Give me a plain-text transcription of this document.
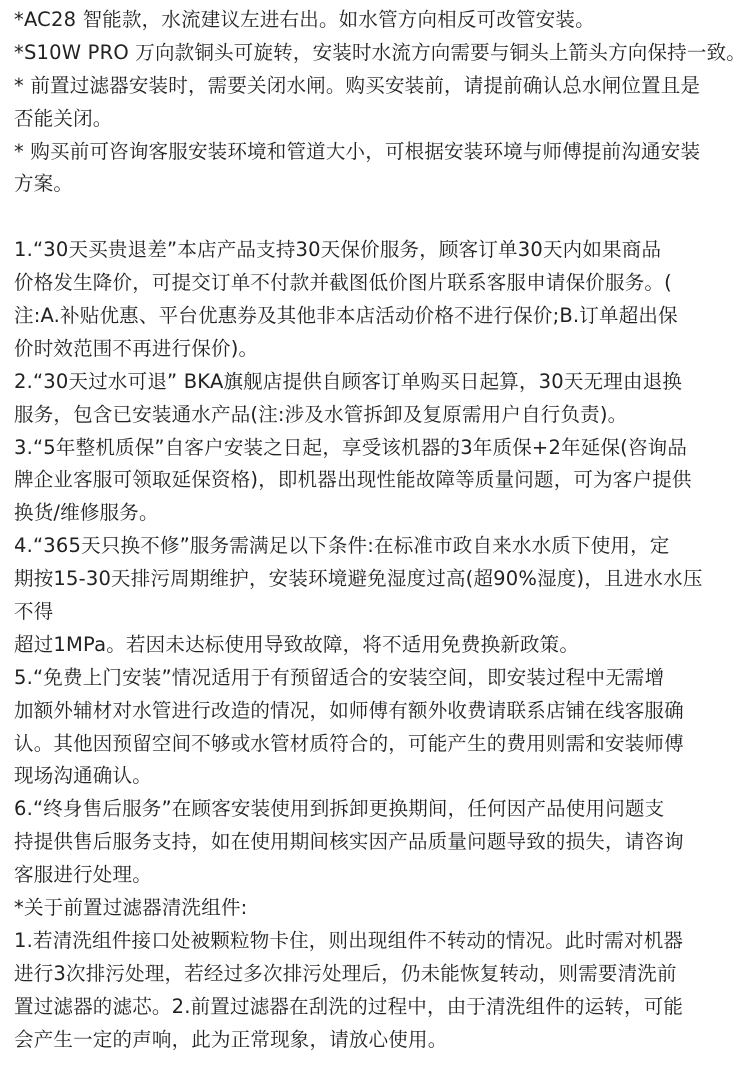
*AC28 智能款，水流建议左进右出。如水管方向相反可改管安装。
*S10W PRO 万向款铜头可旋转，安装时水流方向需要与铜头上箭头方向保持一致。
* 前置过滤器安装时，需要关闭水闸。购买安装前，请提前确认总水闸位置且是
否能关闭。
* 购买前可咨询客服安装环境和管道大小，可根据安装环境与师傅提前沟通安装
方案。
1.“30天买贵退差”本店产品支持30天保价服务，顾客订单30天内如果商品
价格发生降价，可提交订单不付款并截图低价图片联系客服申请保价服务。(
注:A.补贴优惠、平台优惠券及其他非本店活动价格不进行保价;B.订单超出保
价时效范围不再进行保价)。
2.“30天过水可退” BKA旗舰店提供自顾客订单购买日起算，30天无理由退换
服务，包含已安装通水产品(注:涉及水管拆卸及复原需用户自行负责)。
3.“5年整机质保”自客户安装之日起，享受该机器的3年质保+2年延保(咨询品
牌企业客服可领取延保资格)，即机器出现性能故障等质量问题，可为客户提供
换货/维修服务。
4.“365天只换不修”服务需满足以下条件:在标准市政自来水水质下使用，定
期按15-30天排污周期维护，安装环境避免湿度过高(超90%湿度)，且进水水压
不得
超过1MPa。若因未达标使用导致故障，将不适用免费换新政策。
5.“免费上门安装”情况适用于有预留适合的安装空间，即安装过程中无需增
加额外辅材对水管进行改造的情况，如师傅有额外收费请联系店铺在线客服确
认。其他因预留空间不够或水管材质符合的，可能产生的费用则需和安装师傅
现场沟通确认。
6.“终身售后服务”在顾客安装使用到拆卸更换期间，任何因产品使用问题支
持提供售后服务支持，如在使用期间核实因产品质量问题导致的损失，请咨询
客服进行处理。
*关于前置过滤器清洗组件:
1.若清洗组件接口处被颗粒物卡住，则出现组件不转动的情况。此时需对机器
进行3次排污处理，若经过多次排污处理后，仍未能恢复转动，则需要清洗前
置过滤器的滤芯。2.前置过滤器在刮洗的过程中，由于清洗组件的运转，可能
会产生一定的声响，此为正常现象，请放心使用。
